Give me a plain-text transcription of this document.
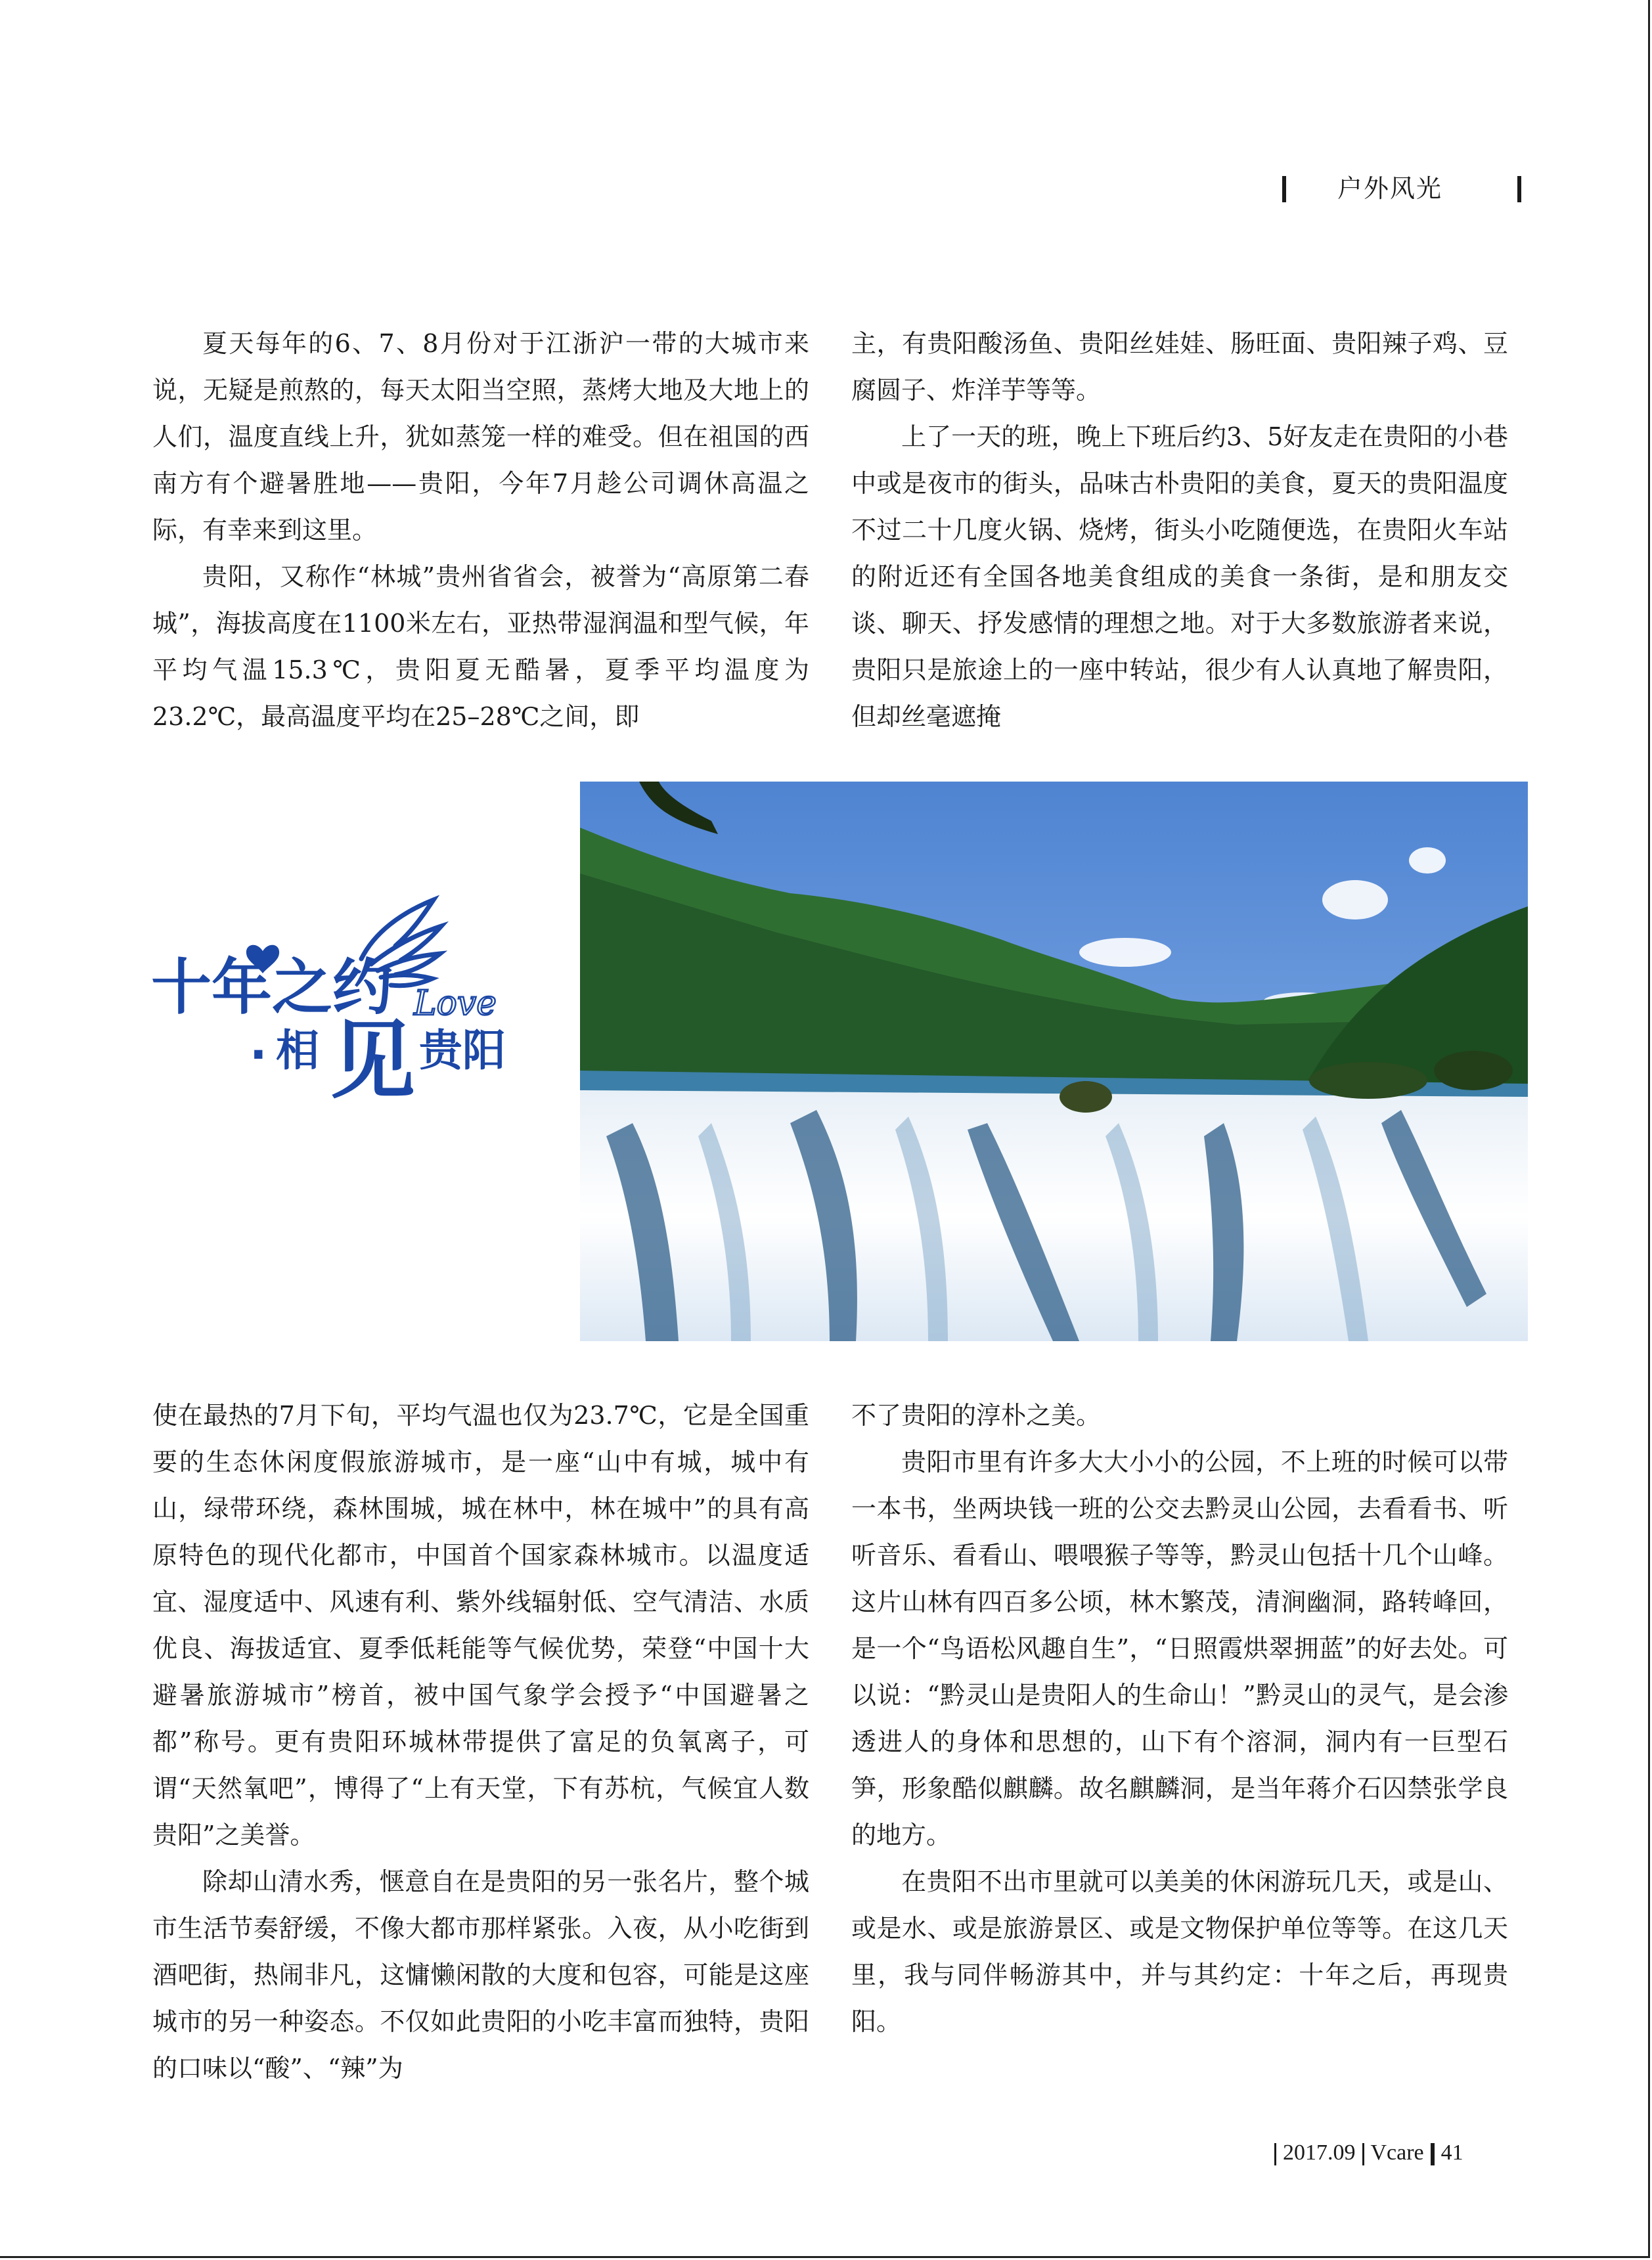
户外风光

夏天每年的6、7、8月份对于江浙沪一带的大城市来说，无疑是煎熬的，每天太阳当空照，蒸烤大地及大地上的人们，温度直线上升，犹如蒸笼一样的难受。但在祖国的西南方有个避暑胜地——贵阳，今年7月趁公司调休高温之际，有幸来到这里。

贵阳，又称作“林城”贵州省省会，被誉为“高原第二春城”，海拔高度在1100米左右，亚热带湿润温和型气候，年平均气温15.3℃，贵阳夏无酷暑，夏季平均温度为23.2℃，最高温度平均在25–28℃之间，即

主，有贵阳酸汤鱼、贵阳丝娃娃、肠旺面、贵阳辣子鸡、豆腐圆子、炸洋芋等等。

上了一天的班，晚上下班后约3、5好友走在贵阳的小巷中或是夜市的街头，品味古朴贵阳的美食，夏天的贵阳温度不过二十几度火锅、烧烤，街头小吃随便选，在贵阳火车站的附近还有全国各地美食组成的美食一条街，是和朋友交谈、聊天、抒发感情的理想之地。对于大多数旅游者来说，贵阳只是旅途上的一座中转站，很少有人认真地了解贵阳，但却丝毫遮掩

Love
十年之约
· 相 见 贵阳

使在最热的7月下旬，平均气温也仅为23.7℃，它是全国重要的生态休闲度假旅游城市，是一座“山中有城，城中有山，绿带环绕，森林围城，城在林中，林在城中”的具有高原特色的现代化都市，中国首个国家森林城市。以温度适宜、湿度适中、风速有利、紫外线辐射低、空气清洁、水质优良、海拔适宜、夏季低耗能等气候优势，荣登“中国十大避暑旅游城市”榜首，被中国气象学会授予“中国避暑之都”称号。更有贵阳环城林带提供了富足的负氧离子，可谓“天然氧吧”，博得了“上有天堂，下有苏杭，气候宜人数贵阳”之美誉。

除却山清水秀，惬意自在是贵阳的另一张名片，整个城市生活节奏舒缓，不像大都市那样紧张。入夜，从小吃街到酒吧街，热闹非凡，这慵懒闲散的大度和包容，可能是这座城市的另一种姿态。不仅如此贵阳的小吃丰富而独特，贵阳的口味以“酸”、“辣”为

不了贵阳的淳朴之美。

贵阳市里有许多大大小小的公园，不上班的时候可以带一本书，坐两块钱一班的公交去黔灵山公园，去看看书、听听音乐、看看山、喂喂猴子等等，黔灵山包括十几个山峰。这片山林有四百多公顷，林木繁茂，清涧幽洞，路转峰回，是一个“鸟语松风趣自生”，“日照霞烘翠拥蓝”的好去处。可以说：“黔灵山是贵阳人的生命山！”黔灵山的灵气，是会渗透进人的身体和思想的，山下有个溶洞，洞内有一巨型石笋，形象酷似麒麟。故名麒麟洞，是当年蒋介石囚禁张学良的地方。

在贵阳不出市里就可以美美的休闲游玩几天，或是山、或是水、或是旅游景区、或是文物保护单位等等。在这几天里，我与同伴畅游其中，并与其约定：十年之后，再现贵阳。

2017.09 Vcare 41
